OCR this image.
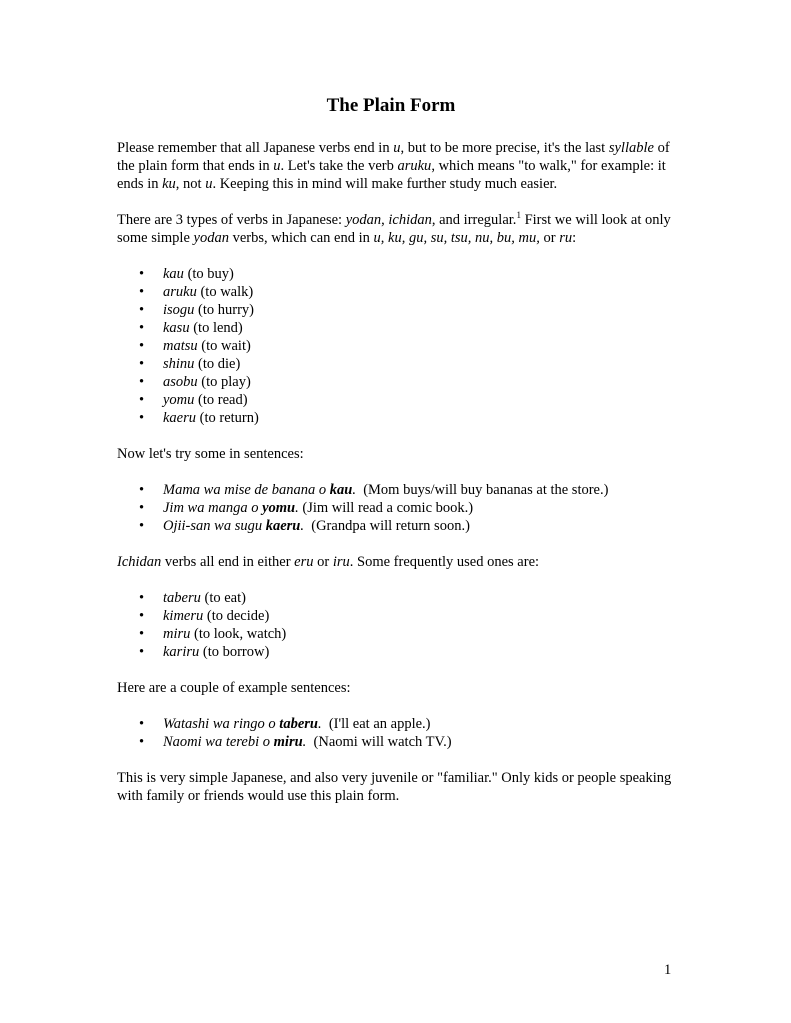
The Plain Form

Please remember that all Japanese verbs end in u, but to be more precise, it's the last syllable of the plain form that ends in u. Let's take the verb aruku, which means "to walk," for example: it ends in ku, not u. Keeping this in mind will make further study much easier.

There are 3 types of verbs in Japanese: yodan, ichidan, and irregular.$^1$ First we will look at only some simple yodan verbs, which can end in u, ku, gu, su, tsu, nu, bu, mu, or ru:

• kau (to buy)
• aruku (to walk)
• isogu (to hurry)
• kasu (to lend)
• matsu (to wait)
• shinu (to die)
• asobu (to play)
• yomu (to read)
• kaeru (to return)

Now let's try some in sentences:

• Mama wa mise de banana o kau. (Mom buys/will buy bananas at the store.)
• Jim wa manga o yomu. (Jim will read a comic book.)
• Ojii-san wa sugu kaeru. (Grandpa will return soon.)

Ichidan verbs all end in either eru or iru. Some frequently used ones are:

• taberu (to eat)
• kimeru (to decide)
• miru (to look, watch)
• kariru (to borrow)

Here are a couple of example sentences:

• Watashi wa ringo o taberu. (I'll eat an apple.)
• Naomi wa terebi o miru. (Naomi will watch TV.)

This is very simple Japanese, and also very juvenile or "familiar." Only kids or people speaking with family or friends would use this plain form.

1
